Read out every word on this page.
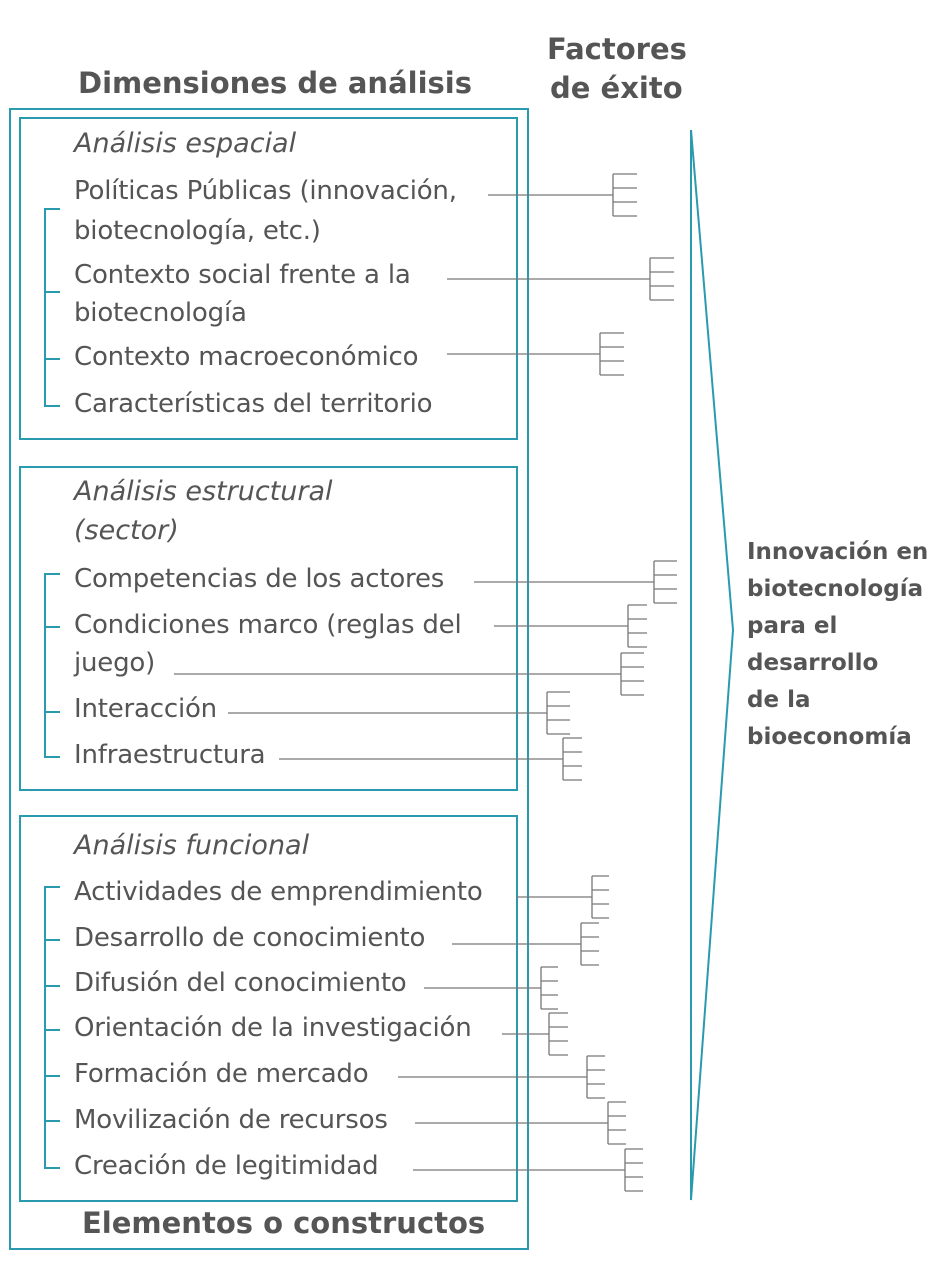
Dimensiones de análisis
Factores
de éxito
Elementos o constructos
Análisis espacial
Políticas Públicas (innovación,
biotecnología, etc.)
Contexto social frente a la
biotecnología
Contexto macroeconómico
Características del territorio
Análisis estructural
(sector)
Competencias de los actores
Condiciones marco (reglas del
juego)
Interacción
Infraestructura
Análisis funcional
Actividades de emprendimiento
Desarrollo de conocimiento
Difusión del conocimiento
Orientación de la investigación
Formación de mercado
Movilización de recursos
Creación de legitimidad
Innovación en
biotecnología
para el
desarrollo
de la
bioeconomía
